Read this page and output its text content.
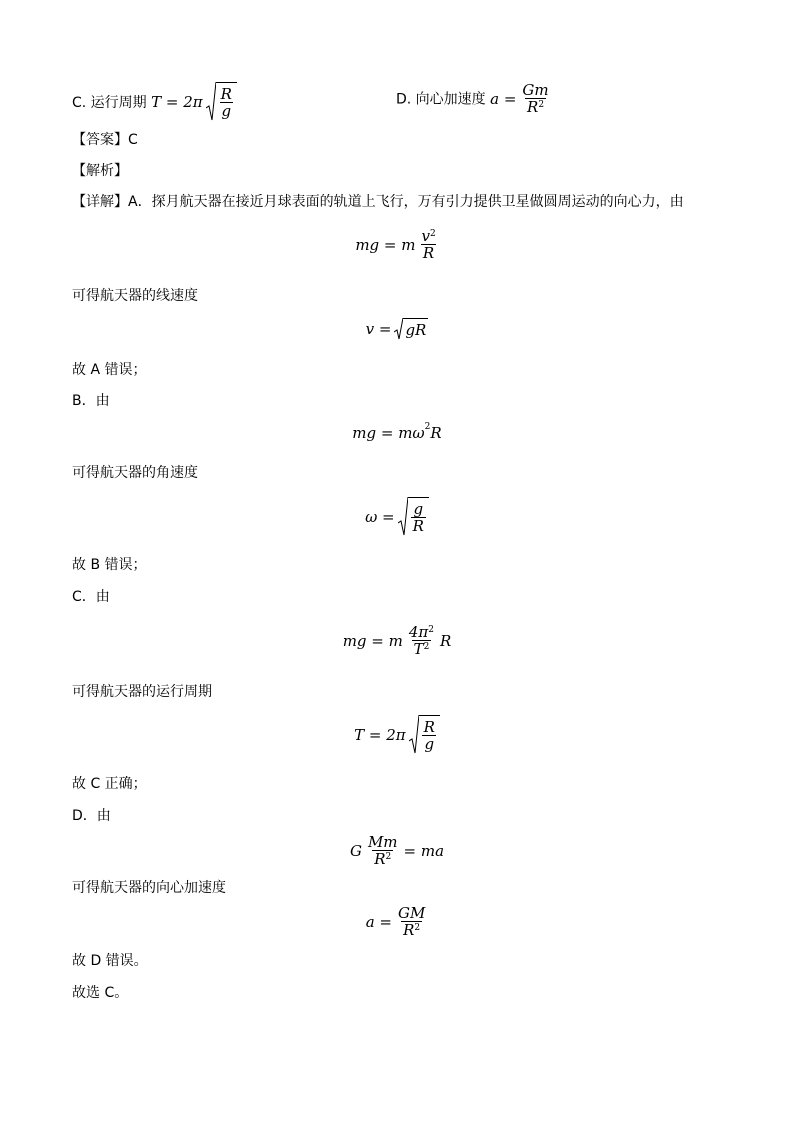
C. 运行周期 $T = 2\pi \frac{R}{g}$	D. 向心加速度 $a = \frac{Gm}{R^2}$
【答案】C
【解析】
【详解】A．探月航天器在接近月球表面的轨道上飞行，万有引力提供卫星做圆周运动的向心力，由
mg = m $\frac{v^2}{R}$
可得航天器的线速度
v = gR
故 A 错误；
B．由
mg = $m\omega^2R$
可得航天器的角速度
$\omega = \frac{g}{R}$
故 B 错误；
C．由
mg = m $\frac{4\pi^2}{T^2}$ R
可得航天器的运行周期
$T = 2\pi \frac{R}{g}$
故 C 正确；
D．由
G $\frac{Mm}{R^2}$ = ma
可得航天器的向心加速度
$a = \frac{GM}{R^2}$
故 D 错误。
故选 C。
